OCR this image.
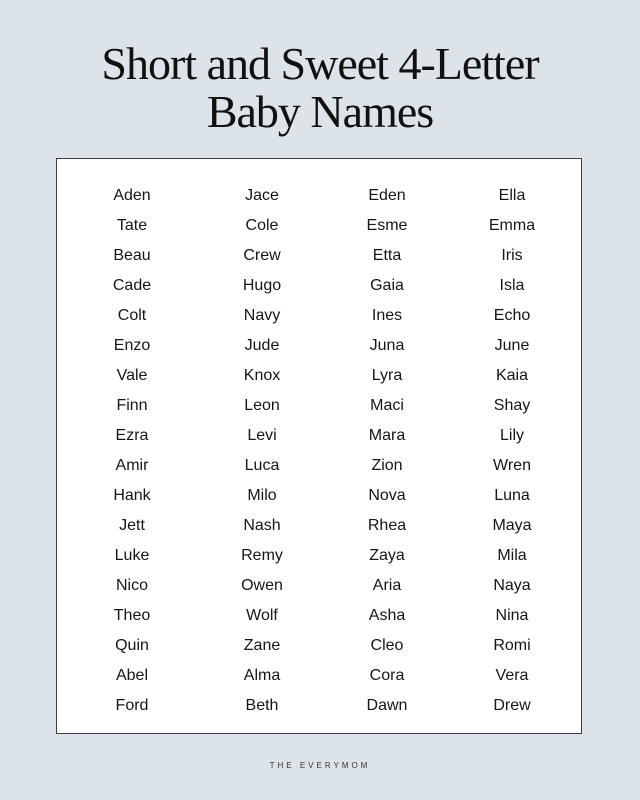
Short and Sweet 4-Letter
Baby Names
Aden
Tate
Beau
Cade
Colt
Enzo
Vale
Finn
Ezra
Amir
Hank
Jett
Luke
Nico
Theo
Quin
Abel
Ford
Jace
Cole
Crew
Hugo
Navy
Jude
Knox
Leon
Levi
Luca
Milo
Nash
Remy
Owen
Wolf
Zane
Alma
Beth
Eden
Esme
Etta
Gaia
Ines
Juna
Lyra
Maci
Mara
Zion
Nova
Rhea
Zaya
Aria
Asha
Cleo
Cora
Dawn
Ella
Emma
Iris
Isla
Echo
June
Kaia
Shay
Lily
Wren
Luna
Maya
Mila
Naya
Nina
Romi
Vera
Drew
THE EVERYMOM
